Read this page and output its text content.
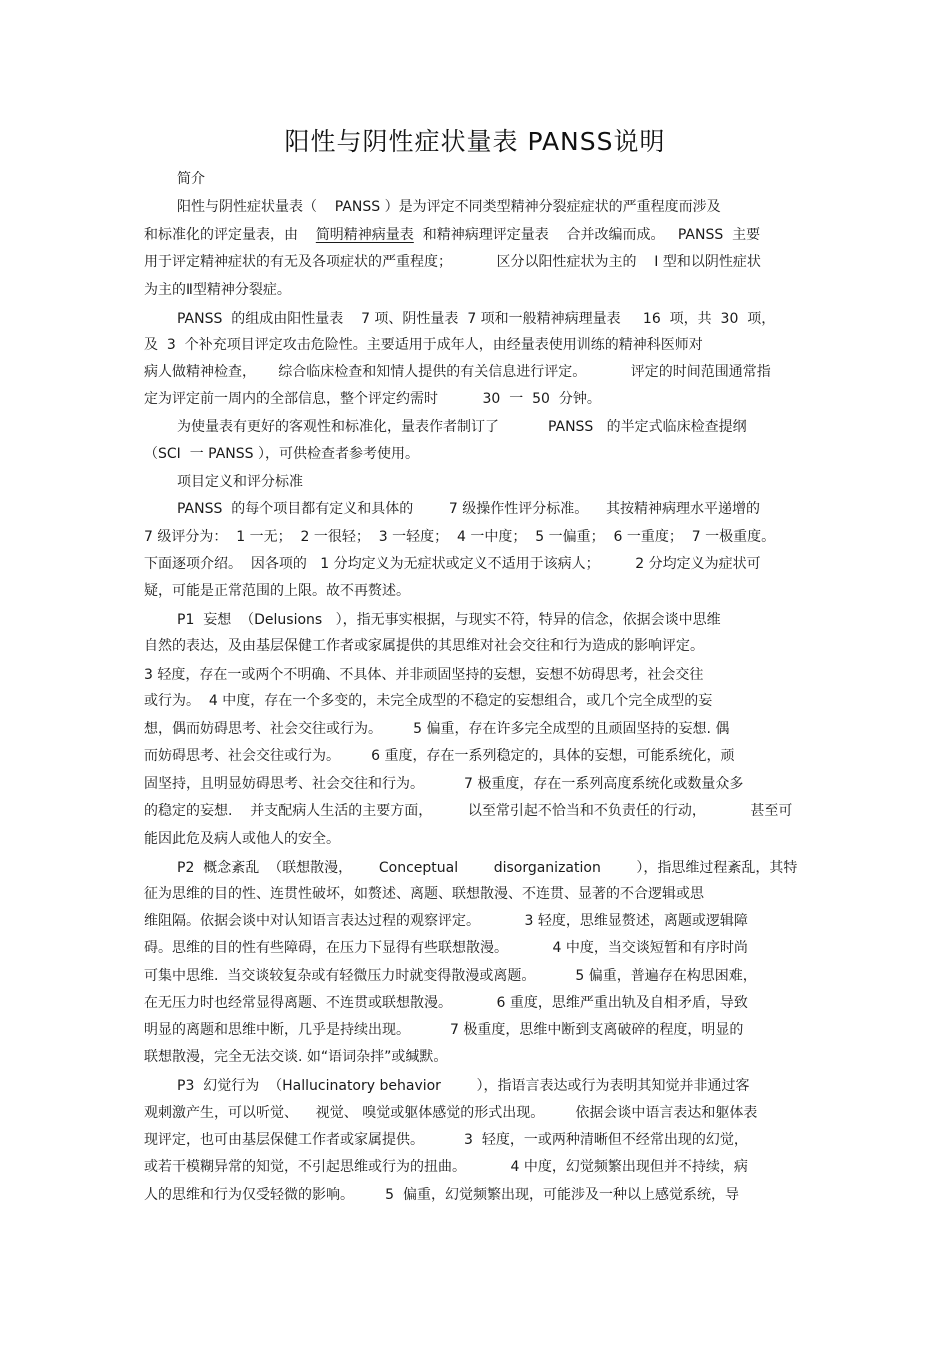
阳性与阴性症状量表 PANSS说明
简介
阳性与阴性症状量表（    PANSS ）是为评定不同类型精神分裂症症状的严重程度而涉及
和标准化的评定量表，由 简明精神病量表 和精神病理评定量表    合并改编而成。   PANSS  主要
用于评定精神症状的有无及各项症状的严重程度；          区分以阳性症状为主的    I 型和以阴性症状
为主的Ⅱ型精神分裂症。
PANSS  的组成由阳性量表    7 项、阴性量表  7 项和一般精神病理量表     16  项，共  30  项，
及  3  个补充项目评定攻击危险性。主要适用于成年人，由经量表使用训练的精神科医师对
病人做精神检查，     综合临床检查和知情人提供的有关信息进行评定。          评定的时间范围通常指
定为评定前一周内的全部信息，整个评定约需时          30  一  50  分钟。
为使量表有更好的客观性和标准化，量表作者制订了           PANSS   的半定式临床检查提纲
（SCI  一 PANSS ），可供检查者参考使用。
项目定义和评分标准
PANSS  的每个项目都有定义和具体的        7 级操作性评分标准。    其按精神病理水平递增的
7 级评分为：  1 一无；  2 一很轻；  3 一轻度；  4 一中度；  5 一偏重；  6 一重度；  7 一极重度。
下面逐项介绍。  因各项的   1 分均定义为无症状或定义不适用于该病人；        2 分均定义为症状可
疑，可能是正常范围的上限。故不再赘述。
P1  妄想  （Delusions   ），指无事实根据，与现实不符，特异的信念，依据会谈中思维
自然的表达，及由基层保健工作者或家属提供的其思维对社会交往和行为造成的影响评定。
3 轻度，存在一或两个不明确、不具体、并非顽固坚持的妄想，妄想不妨碍思考，社会交往
或行为。  4 中度，存在一个多变的，未完全成型的不稳定的妄想组合，或几个完全成型的妄
想，偶而妨碍思考、社会交往或行为。       5 偏重，存在许多完全成型的且顽固坚持的妄想. 偶
而妨碍思考、社会交往或行为。       6 重度，存在一系列稳定的，具体的妄想，可能系统化，顽
固坚持，且明显妨碍思考、社会交往和行为。         7 极重度，存在一系列高度系统化或数量众多
的稳定的妄想.    并支配病人生活的主要方面，        以至常引起不恰当和不负责任的行动，          甚至可
能因此危及病人或他人的安全。
P2  概念紊乱  （联想散漫，      Conceptual        disorganization        ），指思维过程紊乱，其特
征为思维的目的性、连贯性破坏，如赘述、离题、联想散漫、不连贯、显著的不合逻辑或思
维阻隔。依据会谈中对认知语言表达过程的观察评定。          3 轻度，思维显赘述，离题或逻辑障
碍。思维的目的性有些障碍，在压力下显得有些联想散漫。          4 中度，当交谈短暂和有序时尚
可集中思维.  当交谈较复杂或有轻微压力时就变得散漫或离题。         5 偏重，普遍存在构思困难，
在无压力时也经常显得离题、不连贯或联想散漫。          6 重度，思维严重出轨及自相矛盾，导致
明显的离题和思维中断，几乎是持续出现。         7 极重度，思维中断到支离破碎的程度，明显的
联想散漫，完全无法交谈. 如“语词杂拌”或缄默。
P3  幻觉行为  （Hallucinatory behavior        ），指语言表达或行为表明其知觉并非通过客
观刺激产生，可以听觉、    视觉、 嗅觉或躯体感觉的形式出现。       依据会谈中语言表达和躯体表
现评定，也可由基层保健工作者或家属提供。         3  轻度，一或两种清晰但不经常出现的幻觉，
或若干模糊异常的知觉，不引起思维或行为的扭曲。          4 中度，幻觉频繁出现但并不持续，病
人的思维和行为仅受轻微的影响。       5  偏重，幻觉频繁出现，可能涉及一种以上感觉系统，导
